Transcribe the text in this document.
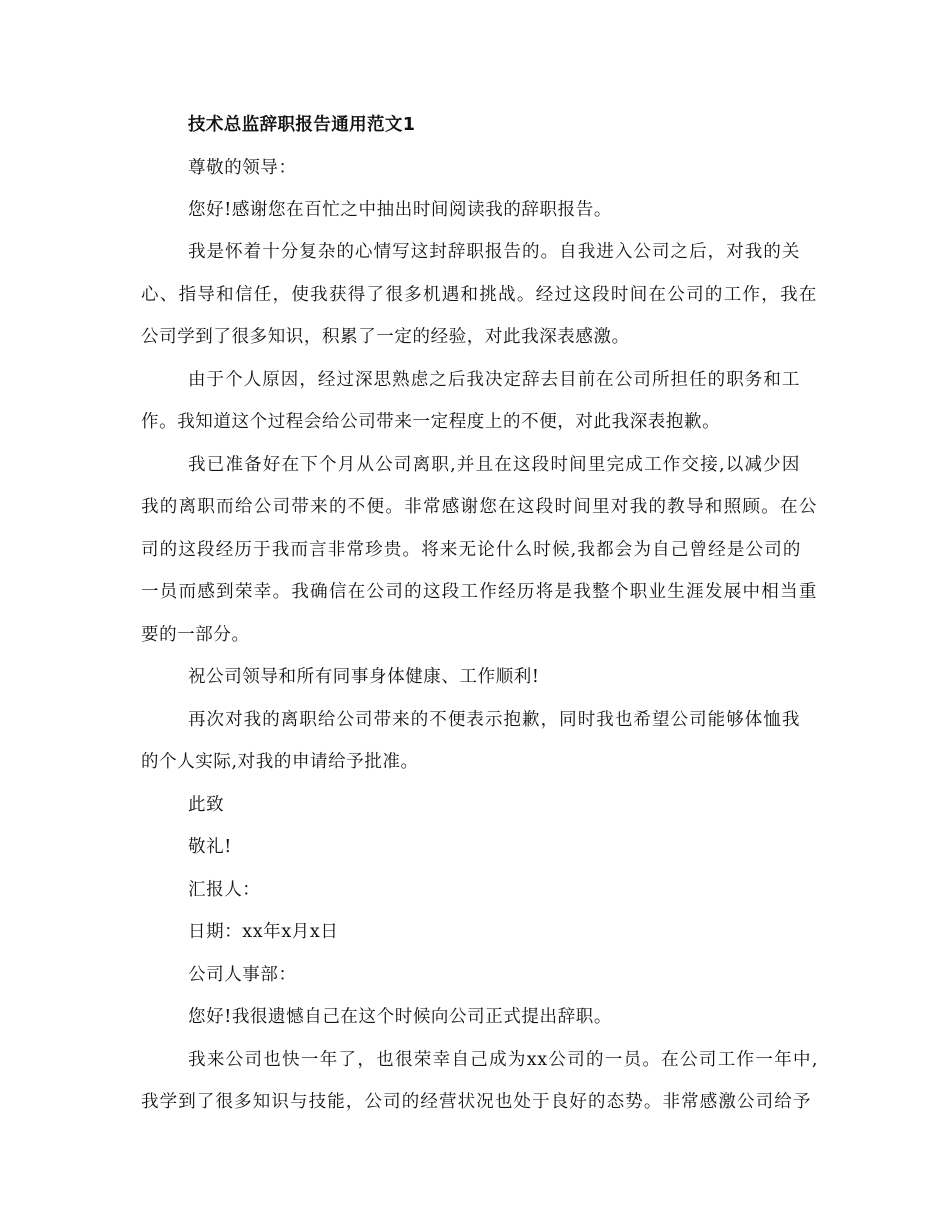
技术总监辞职报告通用范文1
尊敬的领导：
您好!感谢您在百忙之中抽出时间阅读我的辞职报告。
我是怀着十分复杂的心情写这封辞职报告的。自我进入公司之后，对我的关
心、指导和信任，使我获得了很多机遇和挑战。经过这段时间在公司的工作，我在
公司学到了很多知识，积累了一定的经验，对此我深表感激。
由于个人原因，经过深思熟虑之后我决定辞去目前在公司所担任的职务和工
作。我知道这个过程会给公司带来一定程度上的不便，对此我深表抱歉。
我已准备好在下个月从公司离职,并且在这段时间里完成工作交接,以减少因
我的离职而给公司带来的不便。非常感谢您在这段时间里对我的教导和照顾。在公
司的这段经历于我而言非常珍贵。将来无论什么时候,我都会为自己曾经是公司的
一员而感到荣幸。我确信在公司的这段工作经历将是我整个职业生涯发展中相当重
要的一部分。
祝公司领导和所有同事身体健康、工作顺利!
再次对我的离职给公司带来的不便表示抱歉，同时我也希望公司能够体恤我
的个人实际,对我的申请给予批准。
此致
敬礼!
汇报人：
日期：xx年x月x日
公司人事部：
您好!我很遗憾自己在这个时候向公司正式提出辞职。
我来公司也快一年了，也很荣幸自己成为xx公司的一员。在公司工作一年中,
我学到了很多知识与技能，公司的经营状况也处于良好的态势。非常感激公司给予
